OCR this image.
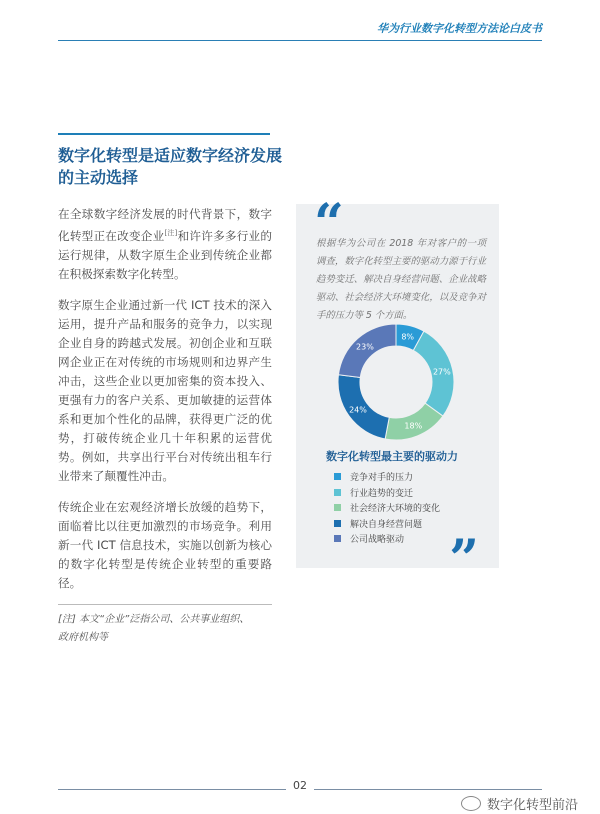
华为行业数字化转型方法论白皮书
数字化转型是适应数字经济发展
的主动选择

在全球数字经济发展的时代背景下，数字化转型正在改变企业[注]和许许多多行业的运行规律，从数字原生企业到传统企业都在积极探索数字化转型。

数字原生企业通过新一代 ICT 技术的深入运用，提升产品和服务的竞争力，以实现企业自身的跨越式发展。初创企业和互联网企业正在对传统的市场规则和边界产生冲击，这些企业以更加密集的资本投入、更强有力的客户关系、更加敏捷的运营体系和更加个性化的品牌，获得更广泛的优势，打破传统企业几十年积累的运营优势。例如，共享出行平台对传统出租车行业带来了颠覆性冲击。

传统企业在宏观经济增长放缓的趋势下，面临着比以往更加激烈的市场竞争。利用新一代 ICT 信息技术，实施以创新为核心的数字化转型是传统企业转型的重要路径。

[注] 本文“企业”泛指公司、公共事业组织、
政府机构等
“
根据华为公司在 2018 年对客户的一项调查，数字化转型主要的驱动力源于行业趋势变迁、解决自身经营问题、企业战略驱动、社会经济大环境变化，以及竞争对手的压力等 5 个方面。
8%
27%
18%
24%
23%
数字化转型最主要的驱动力
竞争对手的压力
行业趋势的变迁
社会经济大环境的变化
解决自身经营问题
公司战略驱动 ”
02
数字化转型前沿
